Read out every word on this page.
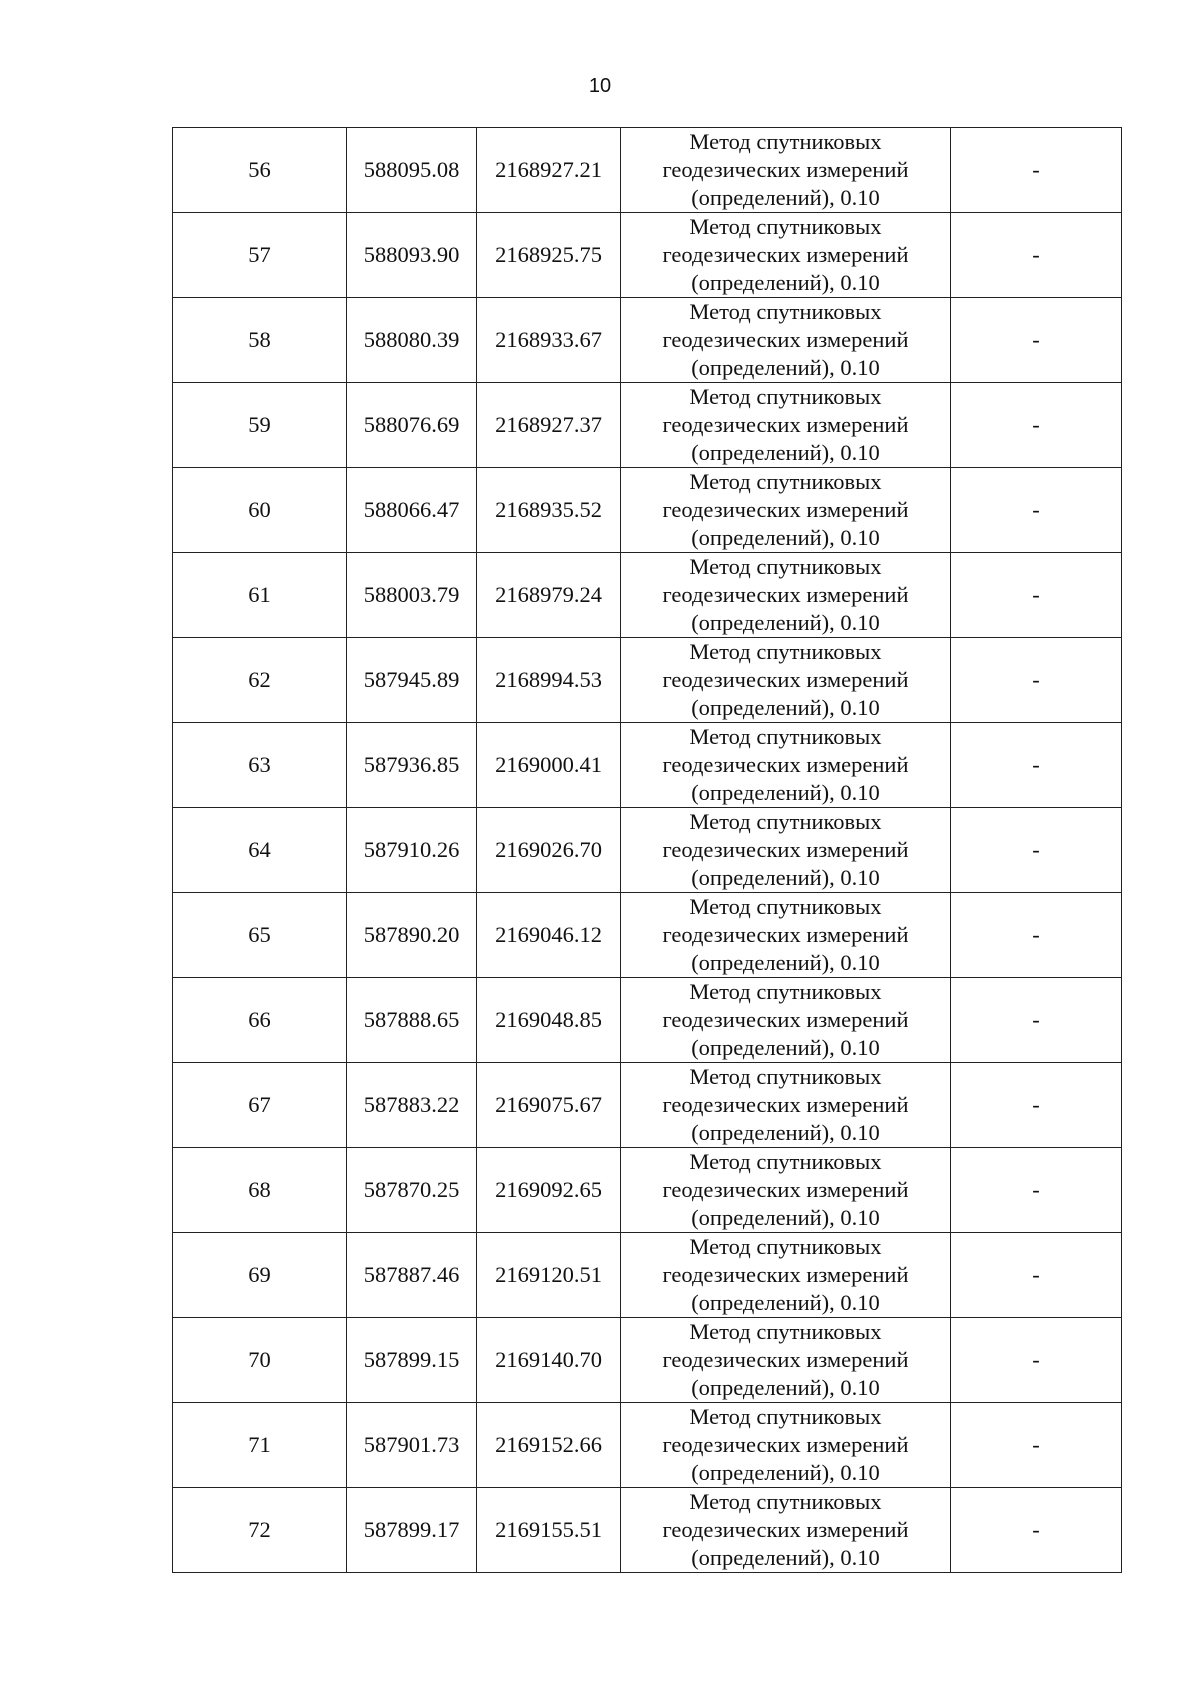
10
56	588095.08	2168927.21	Метод спутниковых
геодезических измерений
(определений), 0.10	-
57	588093.90	2168925.75	Метод спутниковых
геодезических измерений
(определений), 0.10	-
58	588080.39	2168933.67	Метод спутниковых
геодезических измерений
(определений), 0.10	-
59	588076.69	2168927.37	Метод спутниковых
геодезических измерений
(определений), 0.10	-
60	588066.47	2168935.52	Метод спутниковых
геодезических измерений
(определений), 0.10	-
61	588003.79	2168979.24	Метод спутниковых
геодезических измерений
(определений), 0.10	-
62	587945.89	2168994.53	Метод спутниковых
геодезических измерений
(определений), 0.10	-
63	587936.85	2169000.41	Метод спутниковых
геодезических измерений
(определений), 0.10	-
64	587910.26	2169026.70	Метод спутниковых
геодезических измерений
(определений), 0.10	-
65	587890.20	2169046.12	Метод спутниковых
геодезических измерений
(определений), 0.10	-
66	587888.65	2169048.85	Метод спутниковых
геодезических измерений
(определений), 0.10	-
67	587883.22	2169075.67	Метод спутниковых
геодезических измерений
(определений), 0.10	-
68	587870.25	2169092.65	Метод спутниковых
геодезических измерений
(определений), 0.10	-
69	587887.46	2169120.51	Метод спутниковых
геодезических измерений
(определений), 0.10	-
70	587899.15	2169140.70	Метод спутниковых
геодезических измерений
(определений), 0.10	-
71	587901.73	2169152.66	Метод спутниковых
геодезических измерений
(определений), 0.10	-
72	587899.17	2169155.51	Метод спутниковых
геодезических измерений
(определений), 0.10	-
